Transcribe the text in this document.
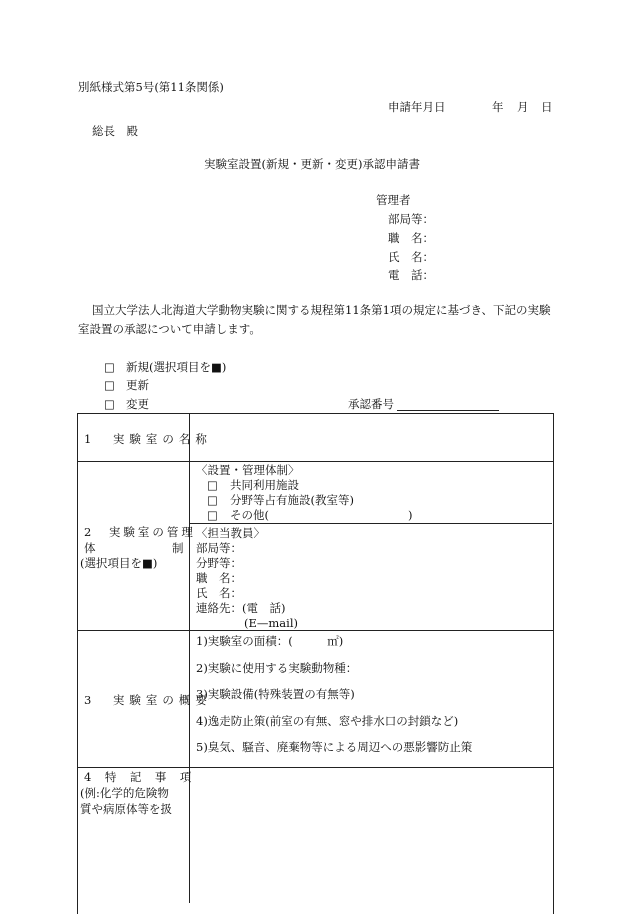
別紙様式第5号(第11条関係)
申請年月日	年 月 日
総長　殿
実験室設置(新規・更新・変更)承認申請書
管理者
部局等：
職　名：
氏　名：
電　話：
国立大学法人北海道大学動物実験に関する規程第11条第1項の規定に基づき、下記の実験
室設置の承認について申請します。
□ 新規(選択項目を■)
□ 更新
□ 変更	承認番号
1　実験室の名称
2　実験室の管理
体	制
(選択項目を■)
〈設置・管理体制〉
□ 共同利用施設
□ 分野等占有施設(教室等)
□ その他(	)
〈担当教員〉
部局等：
分野等：
職　名：
氏　名：
連絡先：(電　話)
(E—mail)
3　実験室の概要
1)実験室の面積：(　　　㎡)
2)実験に使用する実験動物種：
3)実験設備(特殊装置の有無等)
4)逸走防止策(前室の有無、窓や排水口の封鎖など)
5)臭気、騒音、廃棄物等による周辺への悪影響防止策
4　特　記　事　項
(例:化学的危険物
質や病原体等を扱
